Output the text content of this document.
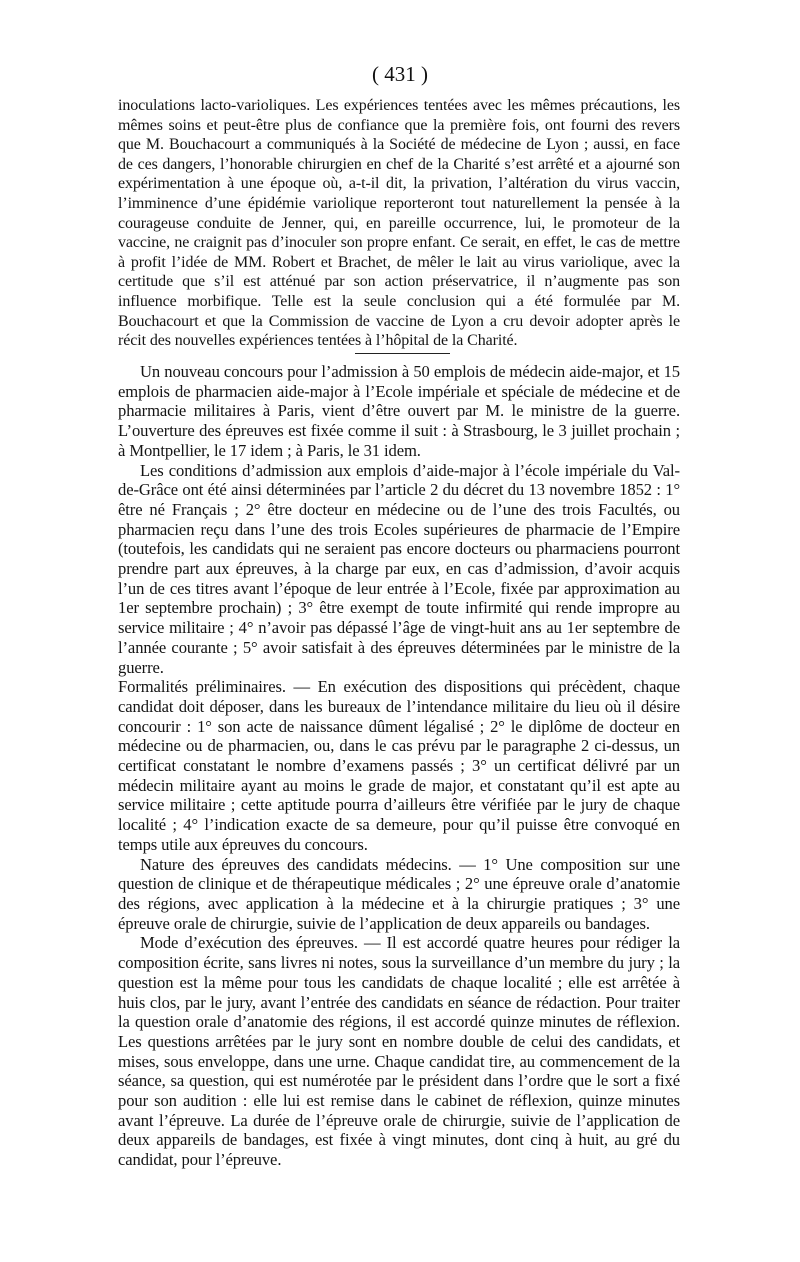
( 431 )

inoculations lacto-varioliques. Les expériences tentées avec les mêmes précautions, les mêmes soins et peut-être plus de confiance que la première fois, ont fourni des revers que M. Bouchacourt a communiqués à la Société de médecine de Lyon ; aussi, en face de ces dangers, l’honorable chirurgien en chef de la Charité s’est arrêté et a ajourné son expérimentation à une époque où, a-t-il dit, la privation, l’altération du virus vaccin, l’imminence d’une épidémie variolique reporteront tout naturellement la pensée à la courageuse conduite de Jenner, qui, en pareille occurrence, lui, le promoteur de la vaccine, ne craignit pas d’inoculer son propre enfant. Ce serait, en effet, le cas de mettre à profit l’idée de MM. Robert et Brachet, de mêler le lait au virus variolique, avec la certitude que s’il est atténué par son action préservatrice, il n’augmente pas son influence morbifique. Telle est la seule conclusion qui a été formulée par M. Bouchacourt et que la Commission de vaccine de Lyon a cru devoir adopter après le récit des nouvelles expériences tentées à l’hôpital de la Charité.

Un nouveau concours pour l’admission à 50 emplois de médecin aide-major, et 15 emplois de pharmacien aide-major à l’Ecole impériale et spéciale de médecine et de pharmacie militaires à Paris, vient d’être ouvert par M. le ministre de la guerre. L’ouverture des épreuves est fixée comme il suit : à Strasbourg, le 3 juillet prochain ; à Montpellier, le 17 idem ; à Paris, le 31 idem.

Les conditions d’admission aux emplois d’aide-major à l’école impériale du Val-de-Grâce ont été ainsi déterminées par l’article 2 du décret du 13 novembre 1852 : 1° être né Français ; 2° être docteur en médecine ou de l’une des trois Facultés, ou pharmacien reçu dans l’une des trois Ecoles supérieures de pharmacie de l’Empire (toutefois, les candidats qui ne seraient pas encore docteurs ou pharmaciens pourront prendre part aux épreuves, à la charge par eux, en cas d’admission, d’avoir acquis l’un de ces titres avant l’époque de leur entrée à l’Ecole, fixée par approximation au 1er septembre prochain) ; 3° être exempt de toute infirmité qui rende impropre au service militaire ; 4° n’avoir pas dépassé l’âge de vingt-huit ans au 1er septembre de l’année courante ; 5° avoir satisfait à des épreuves déterminées par le ministre de la guerre.

Formalités préliminaires. — En exécution des dispositions qui précèdent, chaque candidat doit déposer, dans les bureaux de l’intendance militaire du lieu où il désire concourir : 1° son acte de naissance dûment légalisé ; 2° le diplôme de docteur en médecine ou de pharmacien, ou, dans le cas prévu par le paragraphe 2 ci-dessus, un certificat constatant le nombre d’examens passés ; 3° un certificat délivré par un médecin militaire ayant au moins le grade de major, et constatant qu’il est apte au service militaire ; cette aptitude pourra d’ailleurs être vérifiée par le jury de chaque localité ; 4° l’indication exacte de sa demeure, pour qu’il puisse être convoqué en temps utile aux épreuves du concours.

Nature des épreuves des candidats médecins. — 1° Une composition sur une question de clinique et de thérapeutique médicales ; 2° une épreuve orale d’anatomie des régions, avec application à la médecine et à la chirurgie pratiques ; 3° une épreuve orale de chirurgie, suivie de l’application de deux appareils ou bandages.

Mode d’exécution des épreuves. — Il est accordé quatre heures pour rédiger la composition écrite, sans livres ni notes, sous la surveillance d’un membre du jury ; la question est la même pour tous les candidats de chaque localité ; elle est arrêtée à huis clos, par le jury, avant l’entrée des candidats en séance de rédaction. Pour traiter la question orale d’anatomie des régions, il est accordé quinze minutes de réflexion. Les questions arrêtées par le jury sont en nombre double de celui des candidats, et mises, sous enveloppe, dans une urne. Chaque candidat tire, au commencement de la séance, sa question, qui est numérotée par le président dans l’ordre que le sort a fixé pour son audition : elle lui est remise dans le cabinet de réflexion, quinze minutes avant l’épreuve. La durée de l’épreuve orale de chirurgie, suivie de l’application de deux appareils de bandages, est fixée à vingt minutes, dont cinq à huit, au gré du candidat, pour l’épreuve.
